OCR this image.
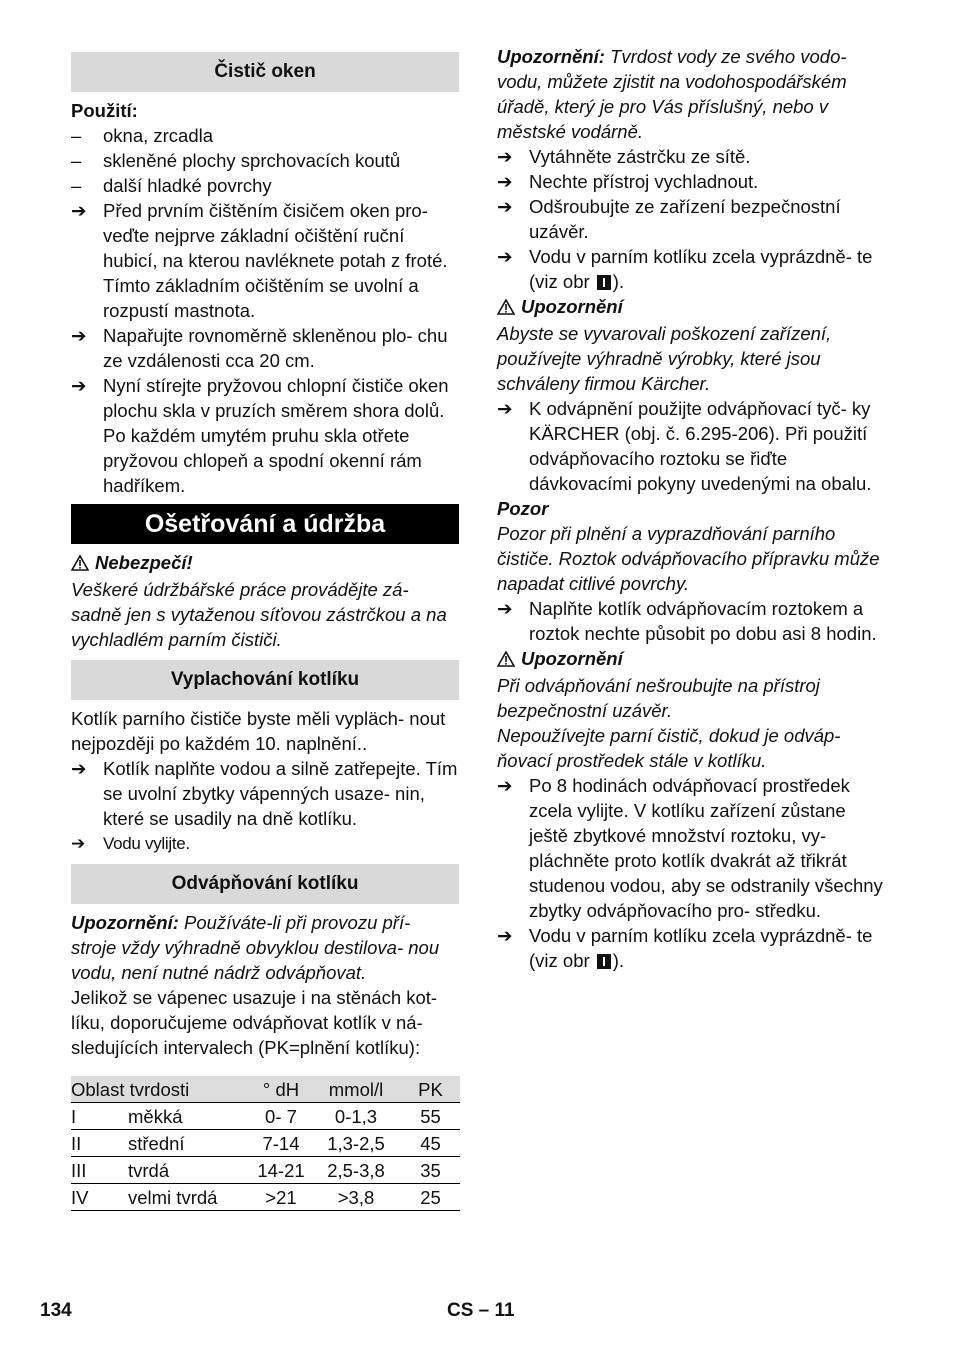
Čistič oken

Použití:

–	okna, zrcadla
–	skleněné plochy sprchovacích koutů
–	další hladké povrchy
➔ Před prvním čištěním čisičem oken pro- veďte nejprve základní očištění ruční hubicí, na kterou navléknete potah z froté. Tímto základním očištěním se uvolní a rozpustí mastnota.
➔ Napařujte rovnoměrně skleněnou plo- chu ze vzdálenosti cca 20 cm.
➔ Nyní stírejte pryžovou chlopní čističe oken plochu skla v pruzích směrem shora dolů. Po každém umytém pruhu skla otřete pryžovou chlopeň a spodní okenní rám hadříkem.
Ošetřování a údržba

Nebezpečí!

Veškeré údržbářské práce provádějte zá- sadně jen s vytaženou síťovou zástrčkou a na vychladlém parním čističi.

Vyplachování kotlíku

Kotlík parního čističe byste měli vypläch- nout nejpozději po každém 10. naplnění..

➔ Kotlík naplňte vodou a silně zatřepejte. Tím se uvolní zbytky vápenných usaze- nin, které se usadily na dně kotlíku.
➔	Vodu vylijte.
Odvápňování kotlíku

Upozornění: Používáte-li při provozu pří- stroje vždy výhradně obvyklou destilova- nou vodu, není nutné nádrž odvápňovat.

Jelikož se vápenec usazuje i na stěnách kot- líku, doporučujeme odvápňovat kotlík v ná- sledujících intervalech (PK=plnění kotlíku):

Oblast tvrdosti		° dH	mmol/l	PK
I	měkká	0- 7	0-1,3	55
II	střední	7-14	1,3-2,5	45
III	tvrdá	14-21	2,5-3,8	35
IV	velmi tvrdá	>21	>3,8	25

Upozornění: Tvrdost vody ze svého vodo- vodu, můžete zjistit na vodohospodářském úřadě, který je pro Vás příslušný, nebo v městské vodárně.

➔ Vytáhněte zástrčku ze sítě.
➔ Nechte přístroj vychladnout.
➔ Odšroubujte ze zařízení bezpečnostní uzávěr.
➔ Vodu v parním kotlíku zcela vyprázdně- te (viz obr ).

Upozornění

Abyste se vyvarovali poškození zařízení, používejte výhradně výrobky, které jsou schváleny firmou Kärcher.

➔ K odvápnění použijte odvápňovací tyč- ky KÄRCHER (obj. č. 6.295-206). Při použití odvápňovacího roztoku se řiďte dávkovacími pokyny uvedenými na obalu.

Pozor

Pozor při plnění a vyprazdňování parního čističe. Roztok odvápňovacího přípravku může napadat citlivé povrchy.

➔ Naplňte kotlík odvápňovacím roztokem a roztok nechte působit po dobu asi 8 hodin.

Upozornění

Při odvápňování nešroubujte na přístroj bezpečnostní uzávěr.

Nepoužívejte parní čistič, dokud je odváp- ňovací prostředek stále v kotlíku.

➔ Po 8 hodinách odvápňovací prostředek zcela vylijte. V kotlíku zařízení zůstane ještě zbytkové množství roztoku, vy- pláchněte proto kotlík dvakrát až třikrát studenou vodou, aby se odstranily všechny zbytky odvápňovacího pro- středku.
➔ Vodu v parním kotlíku zcela vyprázdně- te (viz obr ).
134	CS – 11
